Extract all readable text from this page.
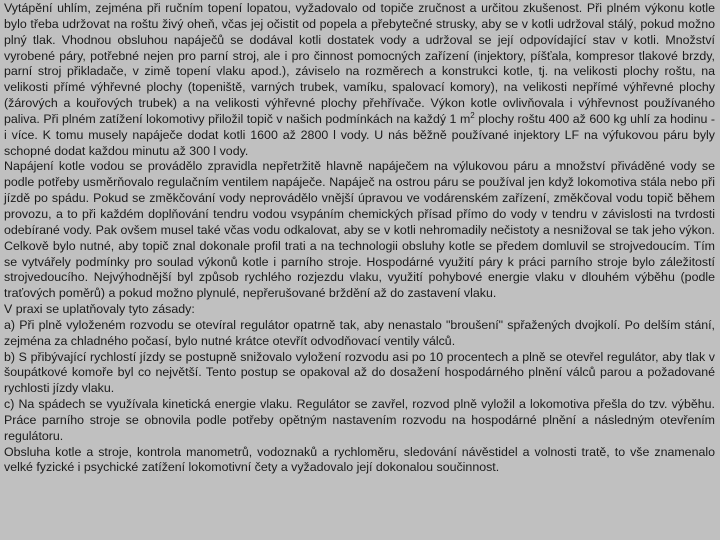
Vytápění uhlím, zejména při ručním topení lopatou, vyžadovalo od topiče zručnost a určitou zkušenost. Při plném výkonu kotle bylo třeba udržovat na roštu živý oheň, včas jej očistit od popela a přebytečné strusky, aby se v kotli udržoval stálý, pokud možno plný tlak. Vhodnou obsluhou napáječů se dodával kotli dostatek vody a udržoval se její odpovídající stav v kotli. Množství vyrobené páry, potřebné nejen pro parní stroj, ale i pro činnost pomocných zařízení (injektory, píšťala, kompresor tlakové brzdy, parní stroj přikladače, v zimě topení vlaku apod.), záviselo na rozměrech a konstrukci kotle, tj. na velikosti plochy roštu, na velikosti přímé výhřevné plochy (topeniště, varných trubek, vamíku, spalovací komory), na velikosti nepřímé výhřevné plochy (žárových a kouřových trubek) a na velikosti výhřevné plochy přehřívače. Výkon kotle ovlivňovala i výhřevnost používaného paliva. Při plném zatížení lokomotivy přiložil topič v našich podmínkách na každý 1 $m^2$ plochy roštu 400 až 600 kg uhlí za hodinu - i více. K tomu musely napáječe dodat kotli 1600 až 2800 l vody. U nás běžně používané injektory LF na výfukovou páru byly schopné dodat každou minutu až 300 l vody.

Napájení kotle vodou se provádělo zpravidla nepřetržitě hlavně napáječem na výlukovou páru a množství přiváděné vody se podle potřeby usměrňovalo regulačním ventilem napáječe. Napáječ na ostrou páru se používal jen když lokomotiva stála nebo při jízdě po spádu. Pokud se změkčování vody neprovádělo vnější úpravou ve vodárenském zařízení, změkčoval vodu topič během provozu, a to při každém doplňování tendru vodou vsypáním chemických přísad přímo do vody v tendru v závislosti na tvrdosti odebírané vody. Pak ovšem musel také včas vodu odkalovat, aby se v kotli nehromadily nečistoty a nesnižoval se tak jeho výkon. Celkově bylo nutné, aby topič znal dokonale profil trati a na technologii obsluhy kotle se předem domluvil se strojvedoucím. Tím se vytvářely podmínky pro soulad výkonů kotle i parního stroje. Hospodárné využití páry k práci parního stroje bylo záležitostí strojvedoucího. Nejvýhodnější byl způsob rychlého rozjezdu vlaku, využití pohybové energie vlaku v dlouhém výběhu (podle traťových poměrů) a pokud možno plynulé, nepřerušované brždění až do zastavení vlaku.

V praxi se uplatňovaly tyto zásady:

a) Při plně vyloženém rozvodu se otevíral regulátor opatrně tak, aby nenastalo "broušení" spřažených dvojkolí. Po delším stání, zejména za chladného počasí, bylo nutné krátce otevřít odvodňovací ventily válců.

b) S přibývající rychlostí jízdy se postupně snižovalo vyložení rozvodu asi po 10 procentech a plně se otevřel regulátor, aby tlak v šoupátkové komoře byl co největší. Tento postup se opakoval až do dosažení hospodárného plnění válců parou a požadované rychlosti jízdy vlaku.

c) Na spádech se využívala kinetická energie vlaku. Regulátor se zavřel, rozvod plně vyložil a lokomotiva přešla do tzv. výběhu. Práce parního stroje se obnovila podle potřeby opětným nastavením rozvodu na hospodárné plnění a následným otevřením regulátoru.

Obsluha kotle a stroje, kontrola manometrů, vodoznaků a rychloměru, sledování návěstidel a volnosti tratě, to vše znamenalo velké fyzické i psychické zatížení lokomotivní čety a vyžadovalo její dokonalou součinnost.
